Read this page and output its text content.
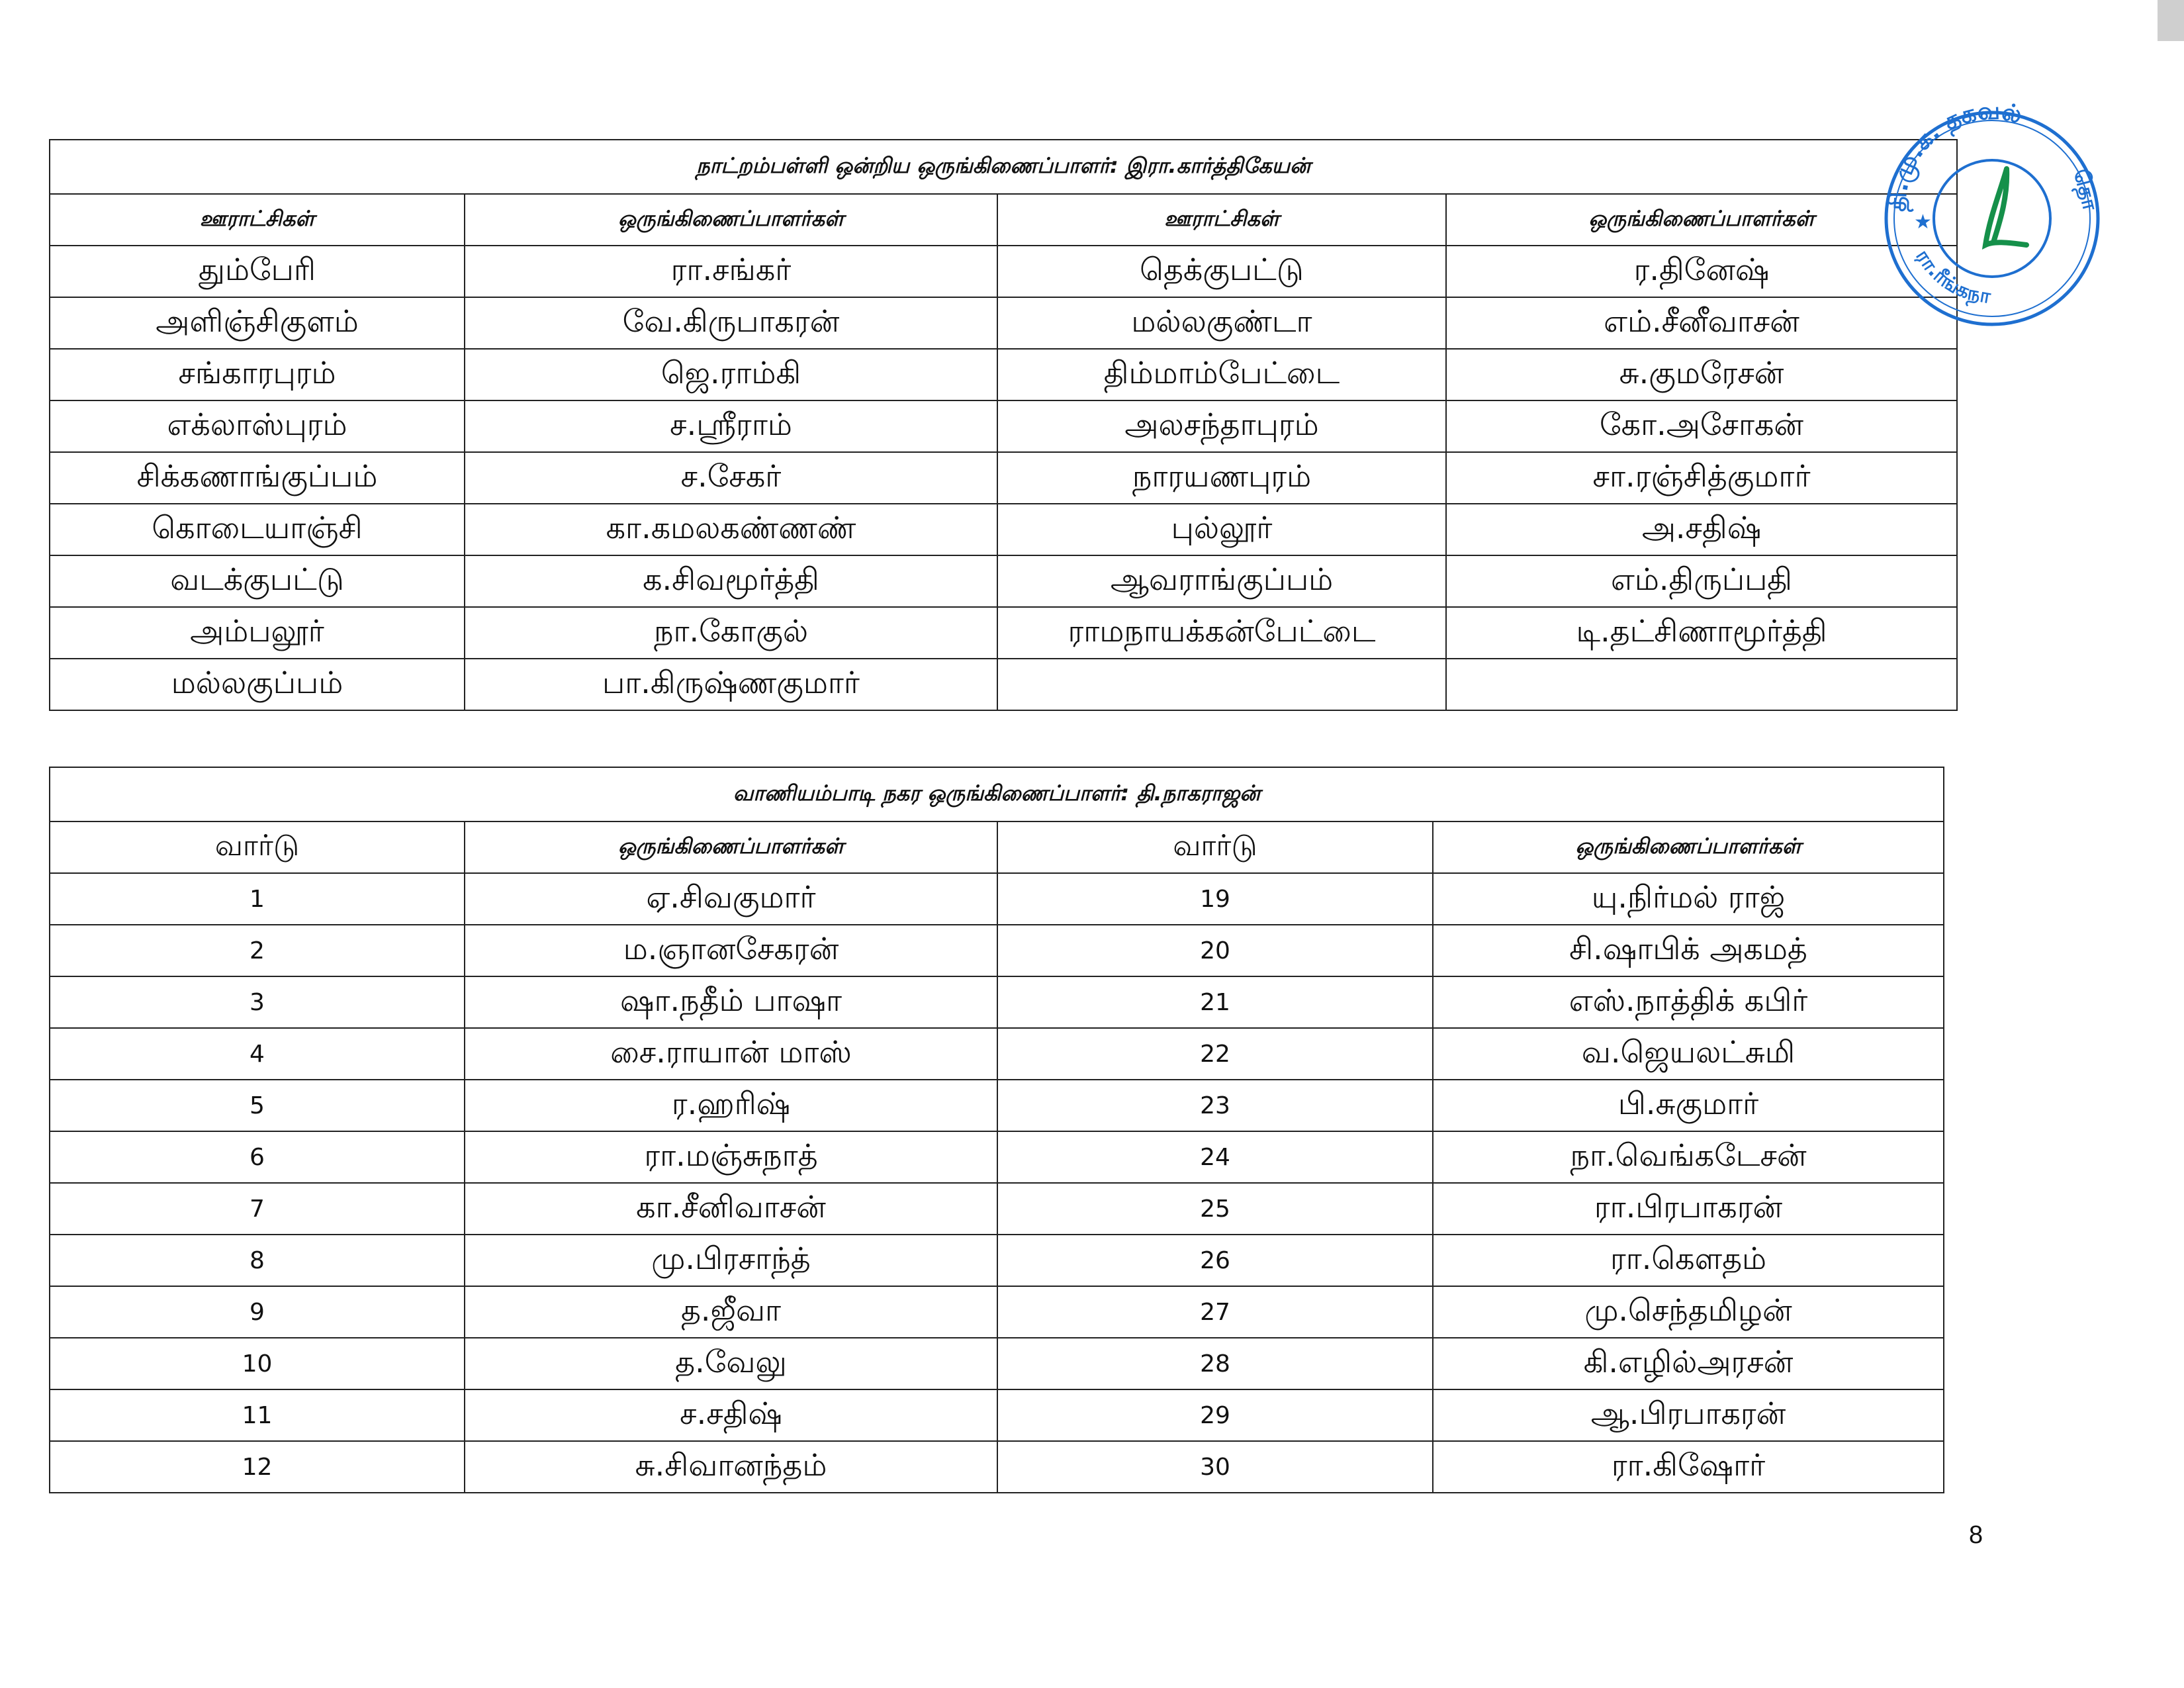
நாட்றம்பள்ளி ஒன்றிய ஒருங்கிணைப்பாளர்: இரா.கார்த்திகேயன்			
ஊராட்சிகள்	ஒருங்கிணைப்பாளர்கள்	ஊராட்சிகள்	ஒருங்கிணைப்பாளர்கள்
தும்பேரி	ரா.சங்கர்	தெக்குபட்டு	ர.தினேஷ்
அளிஞ்சிகுளம்	வே.கிருபாகரன்	மல்லகுண்டா	எம்.சீனீவாசன்
சங்காரபுரம்	ஜெ.ராம்கி	திம்மாம்பேட்டை	சு.குமரேசன்
எக்லாஸ்புரம்	ச.ஸ்ரீராம்	அலசந்தாபுரம்	கோ.அசோகன்
சிக்கணாங்குப்பம்	ச.சேகர்	நாரயணபுரம்	சா.ரஞ்சித்குமார்
கொடையாஞ்சி	கா.கமலகண்ணண்	புல்லூர்	அ.சதிஷ்
வடக்குபட்டு	க.சிவமூர்த்தி	ஆவராங்குப்பம்	எம்.திருப்பதி
அம்பலூர்	நா.கோகுல்	ராமநாயக்கன்பேட்டை	டி.தட்சிணாமூர்த்தி
மல்லகுப்பம்	பா.கிருஷ்ணகுமார்		
வாணியம்பாடி நகர ஒருங்கிணைப்பாளர்: தி.நாகராஜன்			
வார்டு	ஒருங்கிணைப்பாளர்கள்	வார்டு	ஒருங்கிணைப்பாளர்கள்
1	ஏ.சிவகுமார்	19	யு.நிர்மல் ராஜ்
2	ம.ஞானசேகரன்	20	சி.ஷாபிக் அகமத்
3	ஷா.நதீம் பாஷா	21	எஸ்.நாத்திக் கபிர்
4	சை.ராயான் மாஸ்	22	வ.ஜெயலட்சுமி
5	ர.ஹரிஷ்	23	பி.சுகுமார்
6	ரா.மஞ்சுநாத்	24	நா.வெங்கடேசன்
7	கா.சீனிவாசன்	25	ரா.பிரபாகரன்
8	மு.பிரசாந்த்	26	ரா.கௌதம்
9	த.ஜீவா	27	மு.செந்தமிழன்
10	த.வேலு	28	கி.எழில்அரசன்
11	ச.சதிஷ்	29	ஆ.பிரபாகரன்
12	சு.சிவானந்தம்	30	ரா.கிஷோர்
தி.மு.க. தகவல்
தொ
ரா.ரீங்கநா
★
8
